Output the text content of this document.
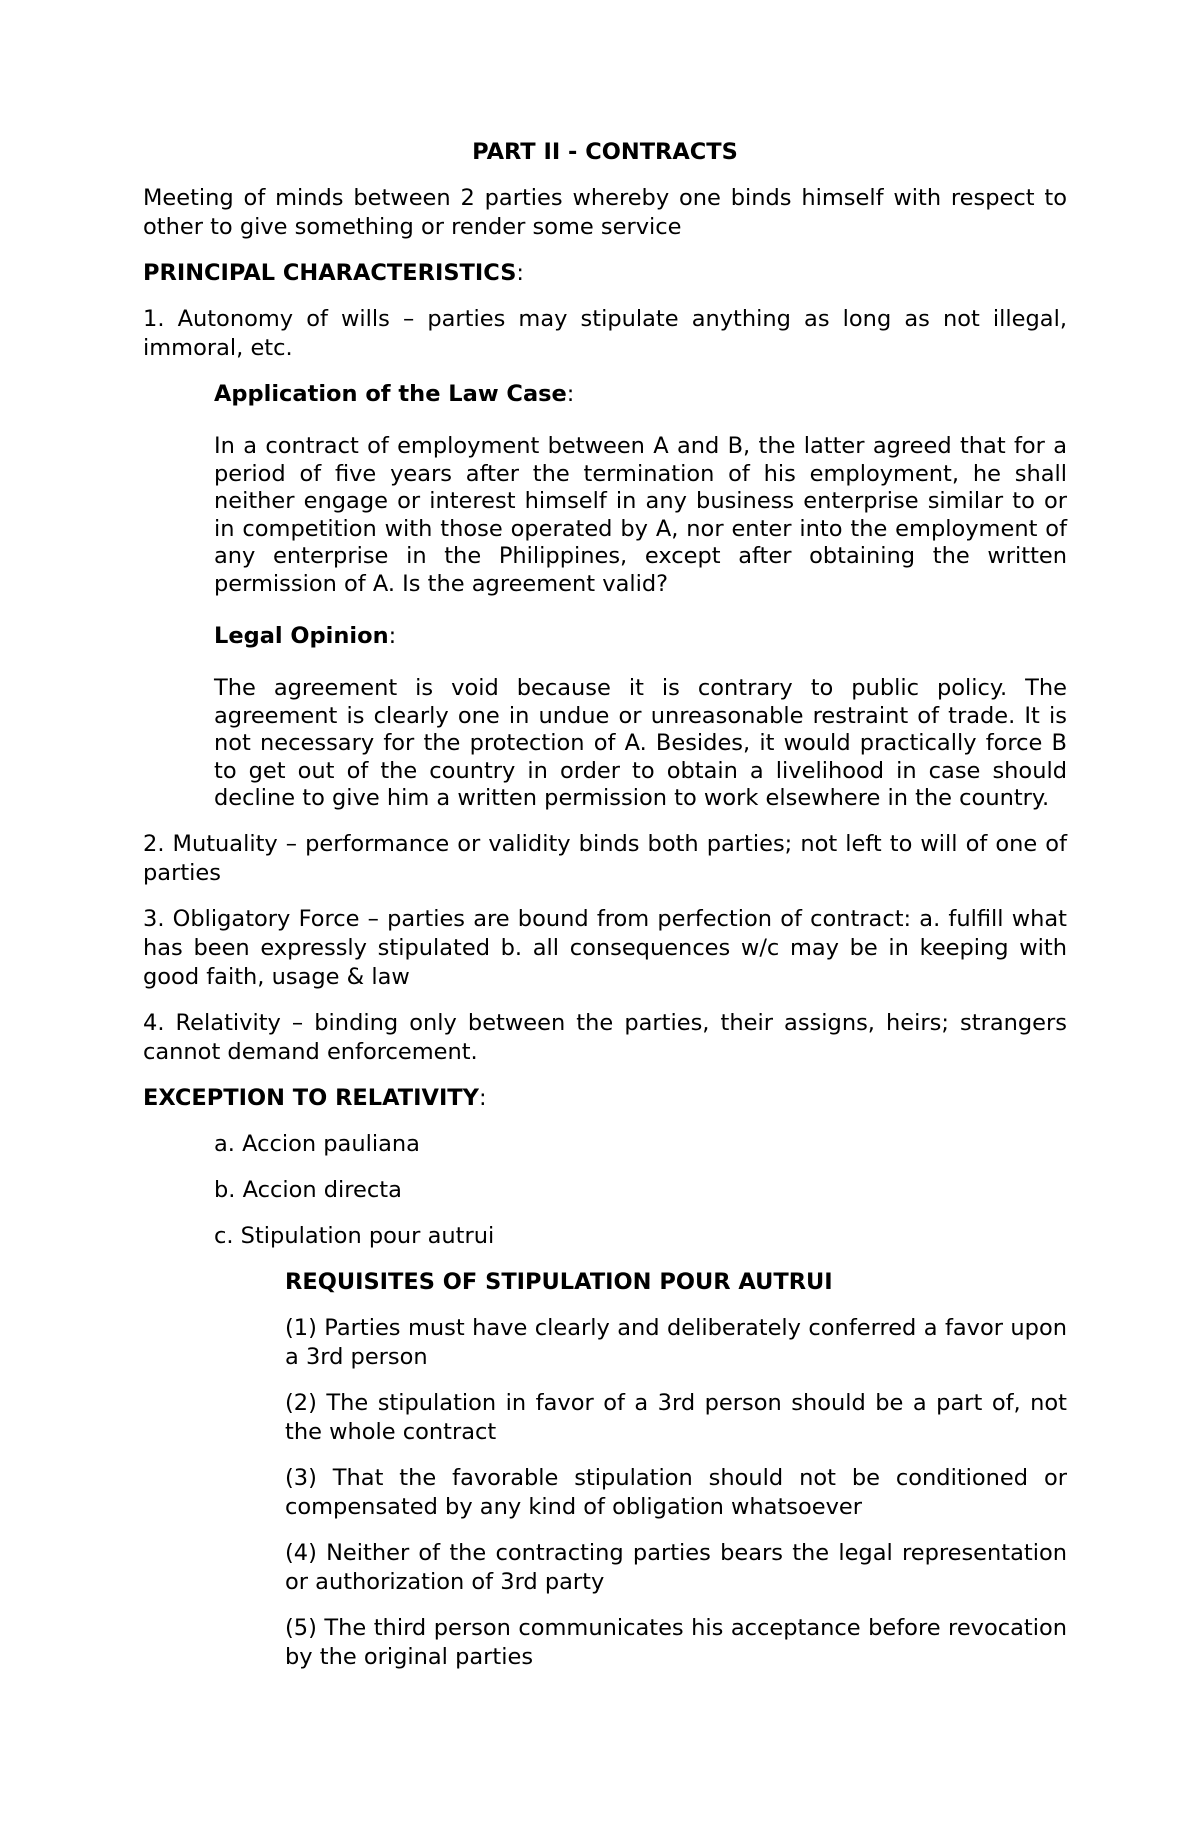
PART II - CONTRACTS

Meeting of minds between 2 parties whereby one binds himself with respect to other to give something or render some service

PRINCIPAL CHARACTERISTICS:

1. Autonomy of wills – parties may stipulate anything as long as not illegal, immoral, etc.

Application of the Law Case:

In a contract of employment between A and B, the latter agreed that for a period of five years after the termination of his employment, he shall neither engage or interest himself in any business enterprise similar to or in competition with those operated by A, nor enter into the employment of any enterprise in the Philippines, except after obtaining the written permission of A. Is the agreement valid?

Legal Opinion:

The agreement is void because it is contrary to public policy. The agreement is clearly one in undue or unreasonable restraint of trade. It is not necessary for the protection of A. Besides, it would practically force B to get out of the country in order to obtain a livelihood in case should decline to give him a written permission to work elsewhere in the country.

2. Mutuality – performance or validity binds both parties; not left to will of one of parties

3. Obligatory Force – parties are bound from perfection of contract: a. fulfill what has been expressly stipulated b. all consequences w/c may be in keeping with good faith, usage & law

4. Relativity – binding only between the parties, their assigns, heirs; strangers cannot demand enforcement.

EXCEPTION TO RELATIVITY:

a. Accion pauliana

b. Accion directa

c. Stipulation pour autrui

REQUISITES OF STIPULATION POUR AUTRUI

(1) Parties must have clearly and deliberately conferred a favor upon a 3rd person

(2) The stipulation in favor of a 3rd person should be a part of, not the whole contract

(3) That the favorable stipulation should not be conditioned or compensated by any kind of obligation whatsoever

(4) Neither of the contracting parties bears the legal representation or authorization of 3rd party

(5) The third person communicates his acceptance before revocation by the original parties
